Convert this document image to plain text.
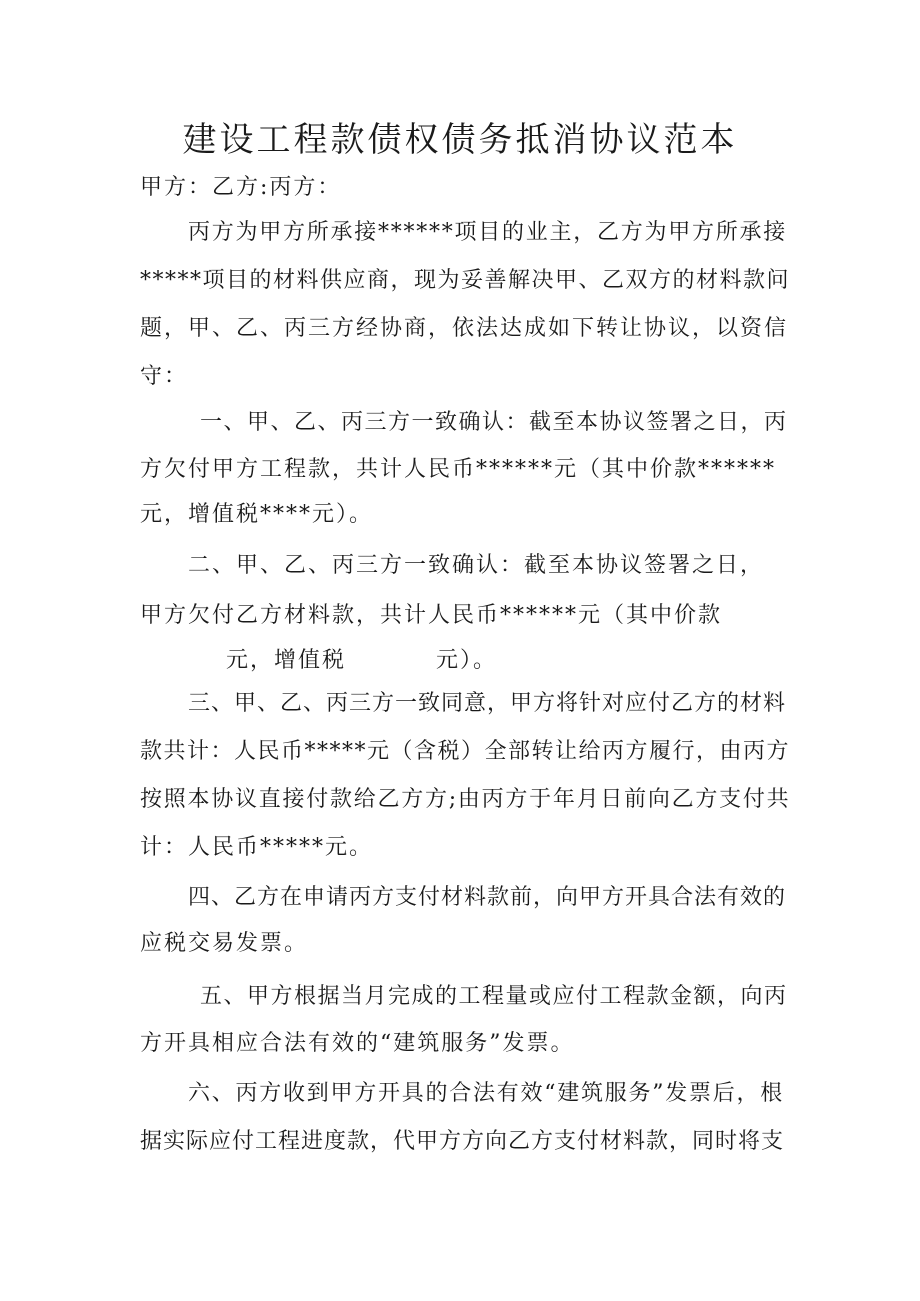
建设工程款债权债务抵消协议范本
甲方：乙方:丙方：
丙方为甲方所承接******项目的业主，乙方为甲方所承接
*****项目的材料供应商，现为妥善解决甲、乙双方的材料款问
题，甲、乙、丙三方经协商，依法达成如下转让协议，以资信
守：
一、甲、乙、丙三方一致确认：截至本协议签署之日，丙
方欠付甲方工程款，共计人民币******元（其中价款******
元，增值税****元）。
二、甲、乙、丙三方一致确认：截至本协议签署之日，
甲方欠付乙方材料款，共计人民币******元（其中价款
元，增值税	元）。
三、甲、乙、丙三方一致同意，甲方将针对应付乙方的材料
款共计：人民币*****元（含税）全部转让给丙方履行，由丙方
按照本协议直接付款给乙方方;由丙方于年月日前向乙方支付共
计：人民币*****元。
四、乙方在申请丙方支付材料款前，向甲方开具合法有效的
应税交易发票。
五、甲方根据当月完成的工程量或应付工程款金额，向丙
方开具相应合法有效的“建筑服务”发票。
六、丙方收到甲方开具的合法有效“建筑服务”发票后，根
据实际应付工程进度款，代甲方方向乙方支付材料款，同时将支
